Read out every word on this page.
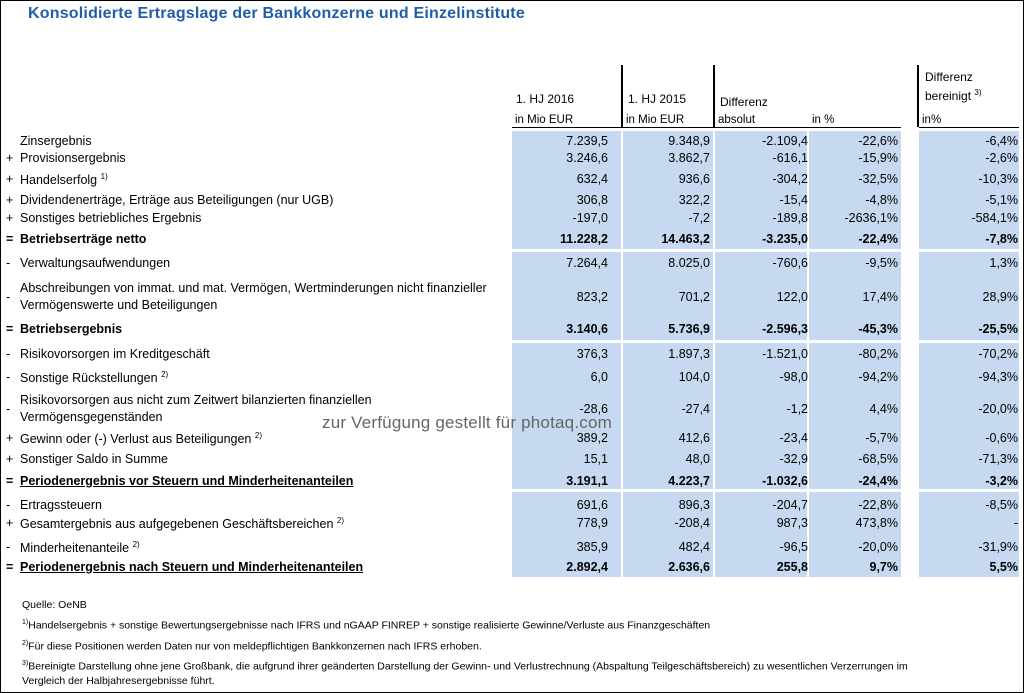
Konsolidierte Ertragslage der Bankkonzerne und Einzelinstitute
1. HJ 2016	1. HJ 2015	Differenz
Differenz
bereinigt $^{3)}$
in Mio EUR	in Mio EUR	absolut	in %	in%
Zinsergebnis	7.239,5	9.348,9	-2.109,4	-22,6%	-6,4%
+ Provisionsergebnis	3.246,6	3.862,7	-616,1	-15,9%	-2,6%
+ Handelserfolg $^{1)}$	632,4	936,6	-304,2	-32,5%	-10,3%
+ Dividendenerträge, Erträge aus Beteiligungen (nur UGB)	306,8	322,2	-15,4	-4,8%	-5,1%
+ Sonstiges betriebliches Ergebnis	-197,0	-7,2	-189,8	-2636,1%	-584,1%
= Betriebserträge netto	11.228,2	14.463,2	-3.235,0	-22,4%	-7,8%
- Verwaltungsaufwendungen	7.264,4	8.025,0	-760,6	-9,5%	1,3%
-
Abschreibungen von immat. und mat. Vermögen, Wertminderungen nicht finanzieller Vermögenswerte und Beteiligungen
823,2	701,2	122,0	17,4%	28,9%
= Betriebsergebnis	3.140,6	5.736,9	-2.596,3	-45,3%	-25,5%
- Risikovorsorgen im Kreditgeschäft	376,3	1.897,3	-1.521,0	-80,2%	-70,2%
- Sonstige Rückstellungen $^{2)}$	6,0	104,0	-98,0	-94,2%	-94,3%
-
Risikovorsorgen aus nicht zum Zeitwert bilanzierten finanziellen Vermögensgegenständen
-28,6	-27,4	-1,2	4,4%	-20,0%
+ Gewinn oder (-) Verlust aus Beteiligungen $^{2)}$	389,2	412,6	-23,4	-5,7%	-0,6%
+ Sonstiger Saldo in Summe	15,1	48,0	-32,9	-68,5%	-71,3%
= Periodenergebnis vor Steuern und Minderheitenanteilen	3.191,1	4.223,7	-1.032,6	-24,4%	-3,2%
- Ertragssteuern	691,6	896,3	-204,7	-22,8%	-8,5%
+ Gesamtergebnis aus aufgegebenen Geschäftsbereichen $^{2)}$	778,9	-208,4	987,3	473,8%	-
- Minderheitenanteile $^{2)}$	385,9	482,4	-96,5	-20,0%	-31,9%
= Periodenergebnis nach Steuern und Minderheitenanteilen	2.892,4	2.636,6	255,8	9,7%	5,5%
zur Verfügung gestellt für photaq.com
Quelle: OeNB
$^{1)}$Handelsergebnis + sonstige Bewertungsergebnisse nach IFRS und nGAAP FINREP + sonstige realisierte Gewinne/Verluste aus Finanzgeschäften
$^{2)}$Für diese Positionen werden Daten nur von meldepflichtigen Bankkonzernen nach IFRS erhoben.
$^{3)}$Bereinigte Darstellung ohne jene Großbank, die aufgrund ihrer geänderten Darstellung der Gewinn- und Verlustrechnung (Abspaltung Teilgeschäftsbereich) zu wesentlichen Verzerrungen im Vergleich der Halbjahresergebnisse führt.
